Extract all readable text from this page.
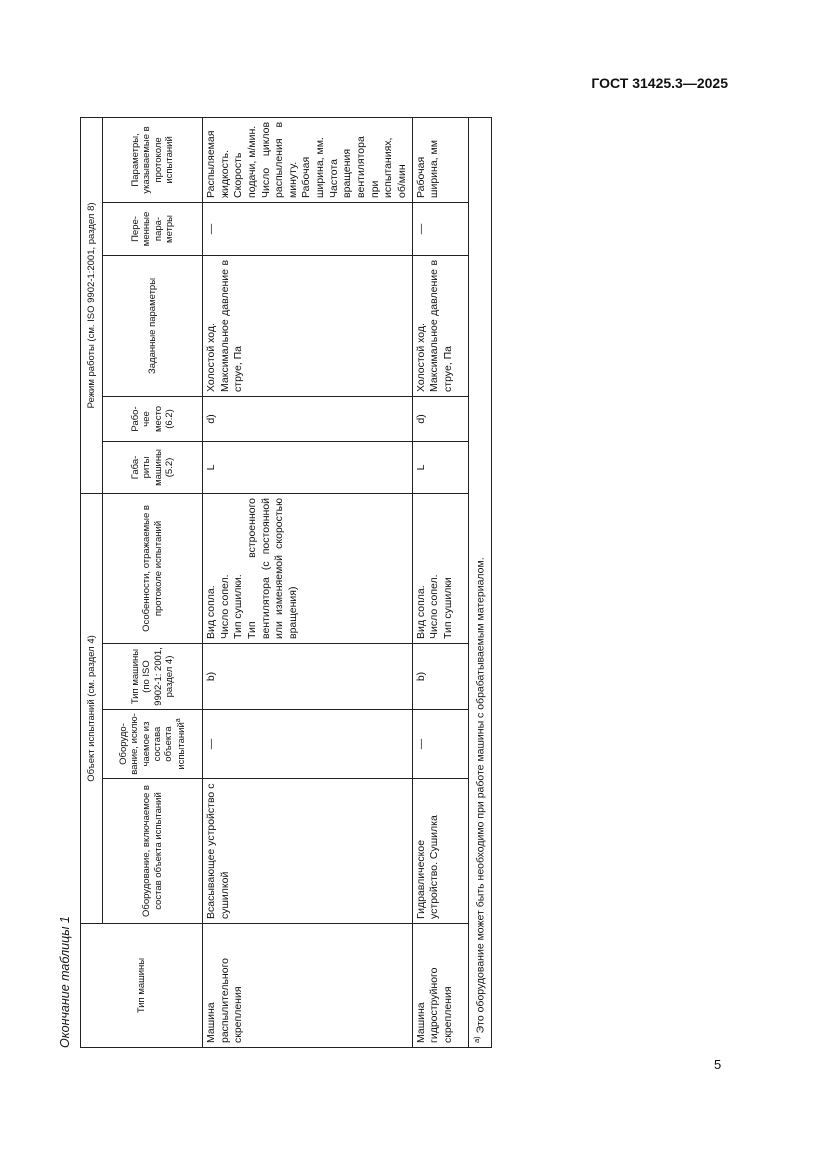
ГОСТ 31425.3—2025
Окончание таблицы 1	Тип машины	Объект испытаний (см. раздел 4)				Режим работы (см. ISO 9902-1:2001, раздел 8)				
	Оборудование, включаемое в состав объекта испытаний	Оборудо-вание, исклю-чаемое из состава объекта испытаний$^a$	Тип машины (по ISO 9902-1: 2001, раздел 4)	Особенности, отражаемые в протоколе испытаний	Габа-риты машины (5.2)	Рабо-чее место (6.2)	Заданные параметры	Пере-менные пара-метры	Параметры, указываемые в протоколе испытаний
Машина распылительного скрепления	Всасывающее устройство с сушилкой	—	b)	Вид сопла. Число сопел. Тип сушилки. Тип встроенного вентилятора (с постоянной или изменяемой скоростью вращения)	L	d)	Холостой ход. Максимальное давление в струе, Па	—	Распыляемая жидкость. Скорость подачи, м/мин. Число циклов распыления в минуту. Рабочая ширина, мм. Частота вращения вентилятора при испытаниях, об/мин

Машина гидроструйного скрепления	Гидравлическое устройство. Сушилка	—	b)	Вид сопла. Число сопел. Тип сушилки	L	d)	Холостой ход. Максимальное давление в струе, Па	—	Рабочая ширина, мм

$^{a)}$ Это оборудование может быть необходимо при работе машины с обрабатываемым материалом.									
5
